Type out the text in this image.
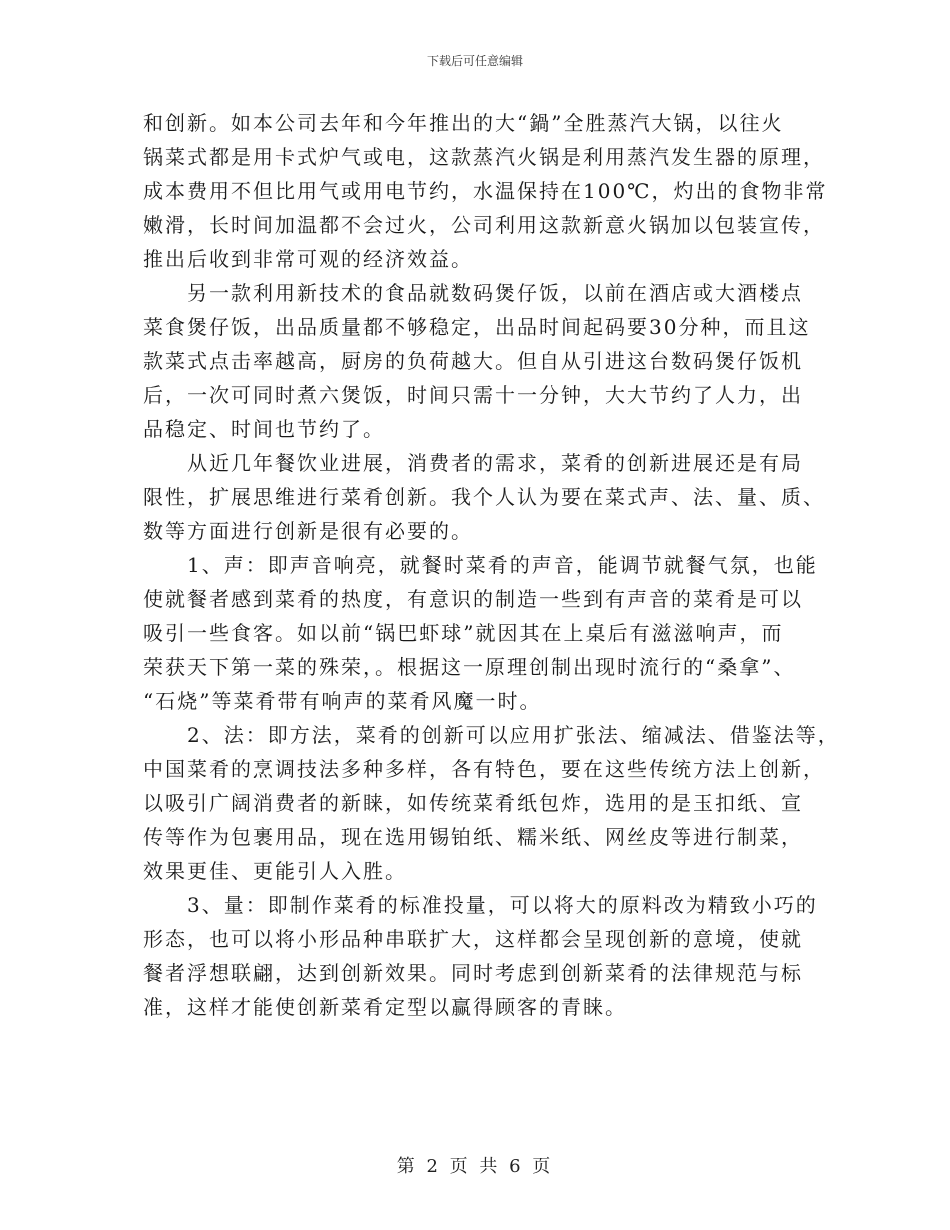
下载后可任意编辑

和创新。如本公司去年和今年推出的大“鍋”全胜蒸汽大锅，以往火

锅菜式都是用卡式炉气或电，这款蒸汽火锅是利用蒸汽发生器的原理，

成本费用不但比用气或用电节约，水温保持在100℃，灼出的食物非常

嫩滑，长时间加温都不会过火，公司利用这款新意火锅加以包装宣传，

推出后收到非常可观的经济效益。

　　另一款利用新技术的食品就数码煲仔饭，以前在酒店或大酒楼点

菜食煲仔饭，出品质量都不够稳定，出品时间起码要30分种，而且这

款菜式点击率越高，厨房的负荷越大。但自从引进这台数码煲仔饭机

后，一次可同时煮六煲饭，时间只需十一分钟，大大节约了人力，出

品稳定、时间也节约了。

　　从近几年餐饮业进展，消费者的需求，菜肴的创新进展还是有局

限性，扩展思维进行菜肴创新。我个人认为要在菜式声、法、量、质、

数等方面进行创新是很有必要的。

　　1、声：即声音响亮，就餐时菜肴的声音，能调节就餐气氛，也能

使就餐者感到菜肴的热度，有意识的制造一些到有声音的菜肴是可以

吸引一些食客。如以前“锅巴虾球”就因其在上桌后有滋滋响声，而

荣获天下第一菜的殊荣，。根据这一原理创制出现时流行的“桑拿”、

“石烧”等菜肴带有响声的菜肴风魔一时。

　　2、法：即方法，菜肴的创新可以应用扩张法、缩减法、借鉴法等，

中国菜肴的烹调技法多种多样，各有特色，要在这些传统方法上创新，

以吸引广阔消费者的新睐，如传统菜肴纸包炸，选用的是玉扣纸、宣

传等作为包裹用品，现在选用锡铂纸、糯米纸、网丝皮等进行制菜，

效果更佳、更能引人入胜。

　　3、量：即制作菜肴的标准投量，可以将大的原料改为精致小巧的

形态，也可以将小形品种串联扩大，这样都会呈现创新的意境，使就

餐者浮想联翩，达到创新效果。同时考虑到创新菜肴的法律规范与标

准，这样才能使创新菜肴定型以赢得顾客的青睐。

第 2 页 共 6 页
